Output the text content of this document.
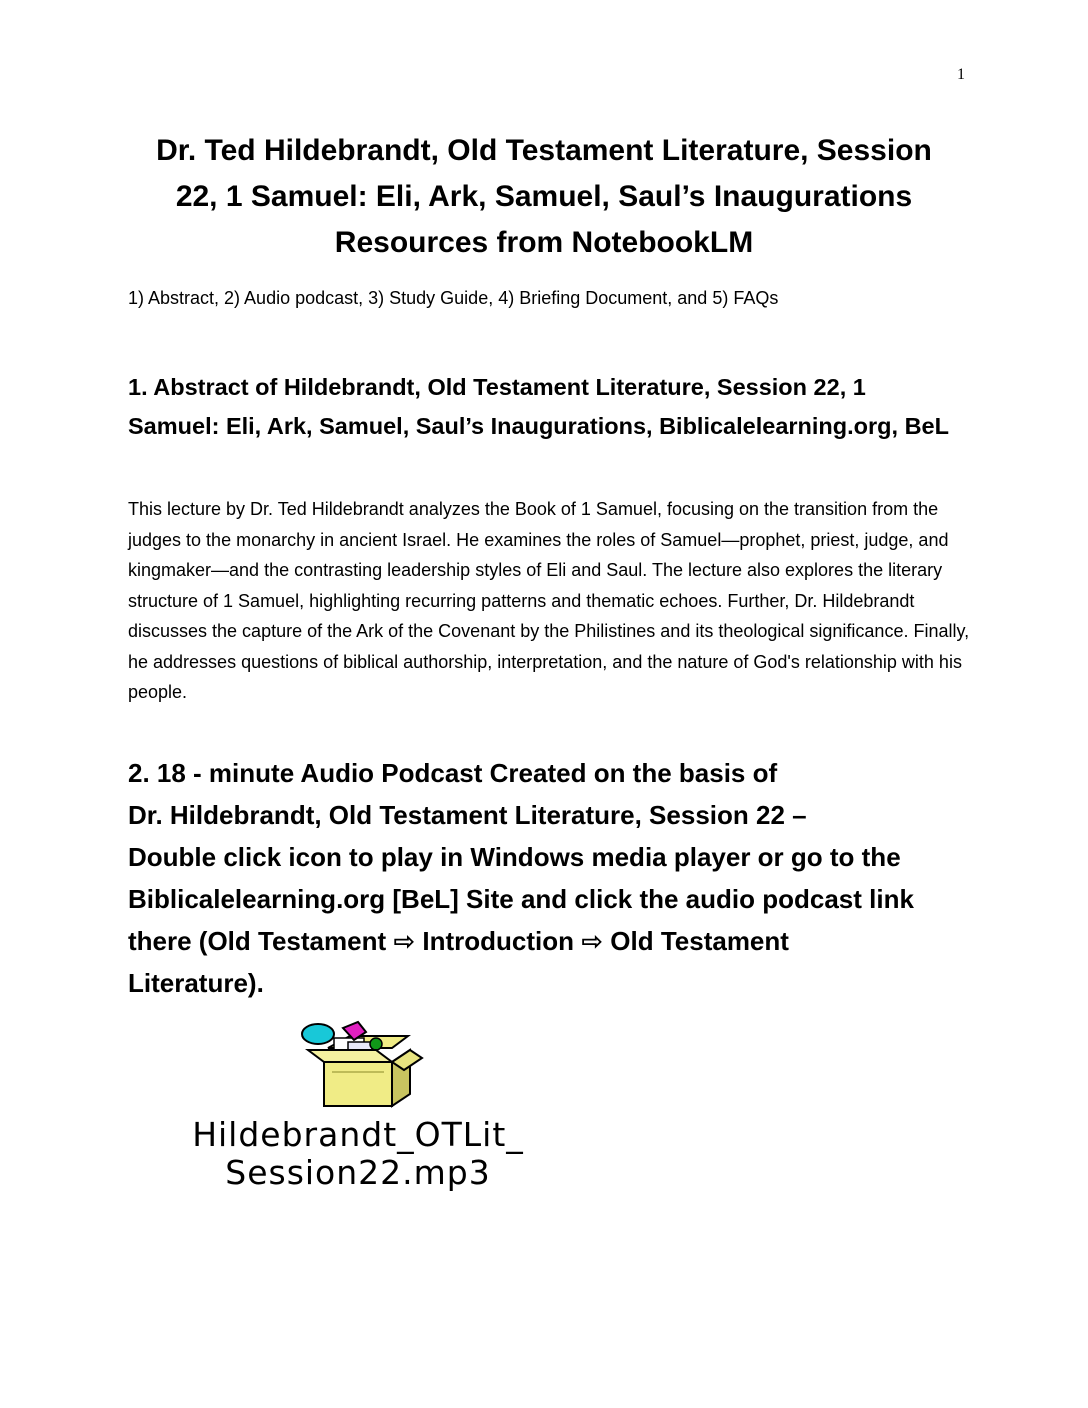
1
Dr. Ted Hildebrandt, Old Testament Literature, Session
22, 1 Samuel: Eli, Ark, Samuel, Saul’s Inaugurations
Resources from NotebookLM
1) Abstract, 2) Audio podcast, 3) Study Guide, 4) Briefing Document, and 5) FAQs
1. Abstract of Hildebrandt, Old Testament Literature, Session 22, 1 Samuel: Eli, Ark, Samuel, Saul’s Inaugurations, Biblicalelearning.org, BeL

This lecture by Dr. Ted Hildebrandt analyzes the Book of 1 Samuel, focusing on the transition from the judges to the monarchy in ancient Israel. He examines the roles of Samuel—prophet, priest, judge, and kingmaker—and the contrasting leadership styles of Eli and Saul. The lecture also explores the literary structure of 1 Samuel, highlighting recurring patterns and thematic echoes. Further, Dr. Hildebrandt discusses the capture of the Ark of the Covenant by the Philistines and its theological significance. Finally, he addresses questions of biblical authorship, interpretation, and the nature of God's relationship with his people.

2. 18 - minute Audio Podcast Created on the basis of
Dr. Hildebrandt, Old Testament Literature, Session 22 –
Double click icon to play in Windows media player or go to the
Biblicalelearning.org [BeL] Site and click the audio podcast link
there (Old Testament ⇨ Introduction ⇨ Old Testament
Literature).
Hildebrandt_OTLit_
Session22.mp3
